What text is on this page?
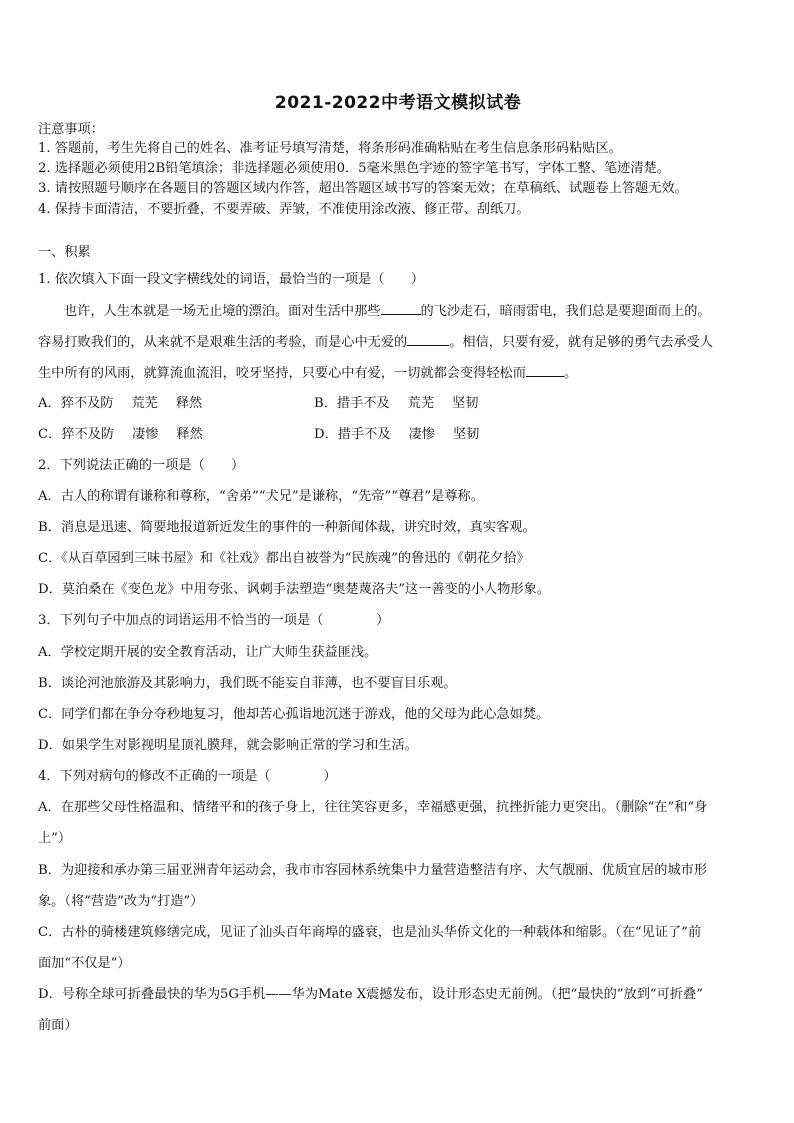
2021-2022中考语文模拟试卷
注意事项：
1. 答题前，考生先将自己的姓名、准考证号填写清楚，将条形码准确粘贴在考生信息条形码粘贴区。
2. 选择题必须使用2B铅笔填涂；非选择题必须使用0．5毫米黑色字迹的签字笔书写，字体工整、笔迹清楚。
3. 请按照题号顺序在各题目的答题区域内作答，超出答题区域书写的答案无效；在草稿纸、试题卷上答题无效。
4. 保持卡面清洁，不要折叠，不要弄破、弄皱，不准使用涂改液、修正带、刮纸刀。
一、积累
1. 依次填入下面一段文字横线处的词语，最恰当的一项是（　　）
也许，人生本就是一场无止境的漂泊。面对生活中那些	的飞沙走石，暗雨雷电，我们总是要迎面而上的。
容易打败我们的，从来就不是艰难生活的考验，而是心中无爱的	。相信，只要有爱，就有足够的勇气去承受人
生中所有的风雨，就算流血流泪，咬牙坚持，只要心中有爱，一切就都会变得轻松而	。
A．猝不及防 荒芜 释然	B．措手不及 荒芜 坚韧
C．猝不及防 凄惨 释然	D．措手不及 凄惨 坚韧
2．下列说法正确的一项是（　　）
A．古人的称谓有谦称和尊称，“舍弟”“犬兄”是谦称，“先帝”“尊君”是尊称。
B．消息是迅速、简要地报道新近发生的事件的一种新闻体裁，讲究时效，真实客观。
C．《从百草园到三味书屋》和《社戏》都出自被誉为“民族魂”的鲁迅的《朝花夕拾》
D．莫泊桑在《变色龙》中用夸张、讽刺手法塑造“奥楚蔑洛夫”这一善变的小人物形象。
3．下列句子中加点的词语运用不恰当的一项是（　　　　）
A．学校定期开展的安全教育活动，让广大师生获益匪浅。
B．谈论河池旅游及其影响力，我们既不能妄自菲薄，也不要盲目乐观。
C．同学们都在争分夺秒地复习，他却苦心孤诣地沉迷于游戏，他的父母为此心急如焚。
D．如果学生对影视明星顶礼膜拜，就会影响正常的学习和生活。
4．下列对病句的修改不正确的一项是（　　　　）
A．在那些父母性格温和、情绪平和的孩子身上，往往笑容更多，幸福感更强，抗挫折能力更突出。（删除“在”和“身
上”）
B．为迎接和承办第三届亚洲青年运动会，我市市容园林系统集中力量营造整洁有序、大气靓丽、优质宜居的城市形
象。（将“营造”改为“打造”）
C．古朴的骑楼建筑修缮完成，见证了汕头百年商埠的盛衰，也是汕头华侨文化的一种载体和缩影。（在“见证了”前
面加“不仅是”）
D．号称全球可折叠最快的华为5G手机——华为Mate X震撼发布，设计形态史无前例。（把“最快的”放到“可折叠”
前面）
